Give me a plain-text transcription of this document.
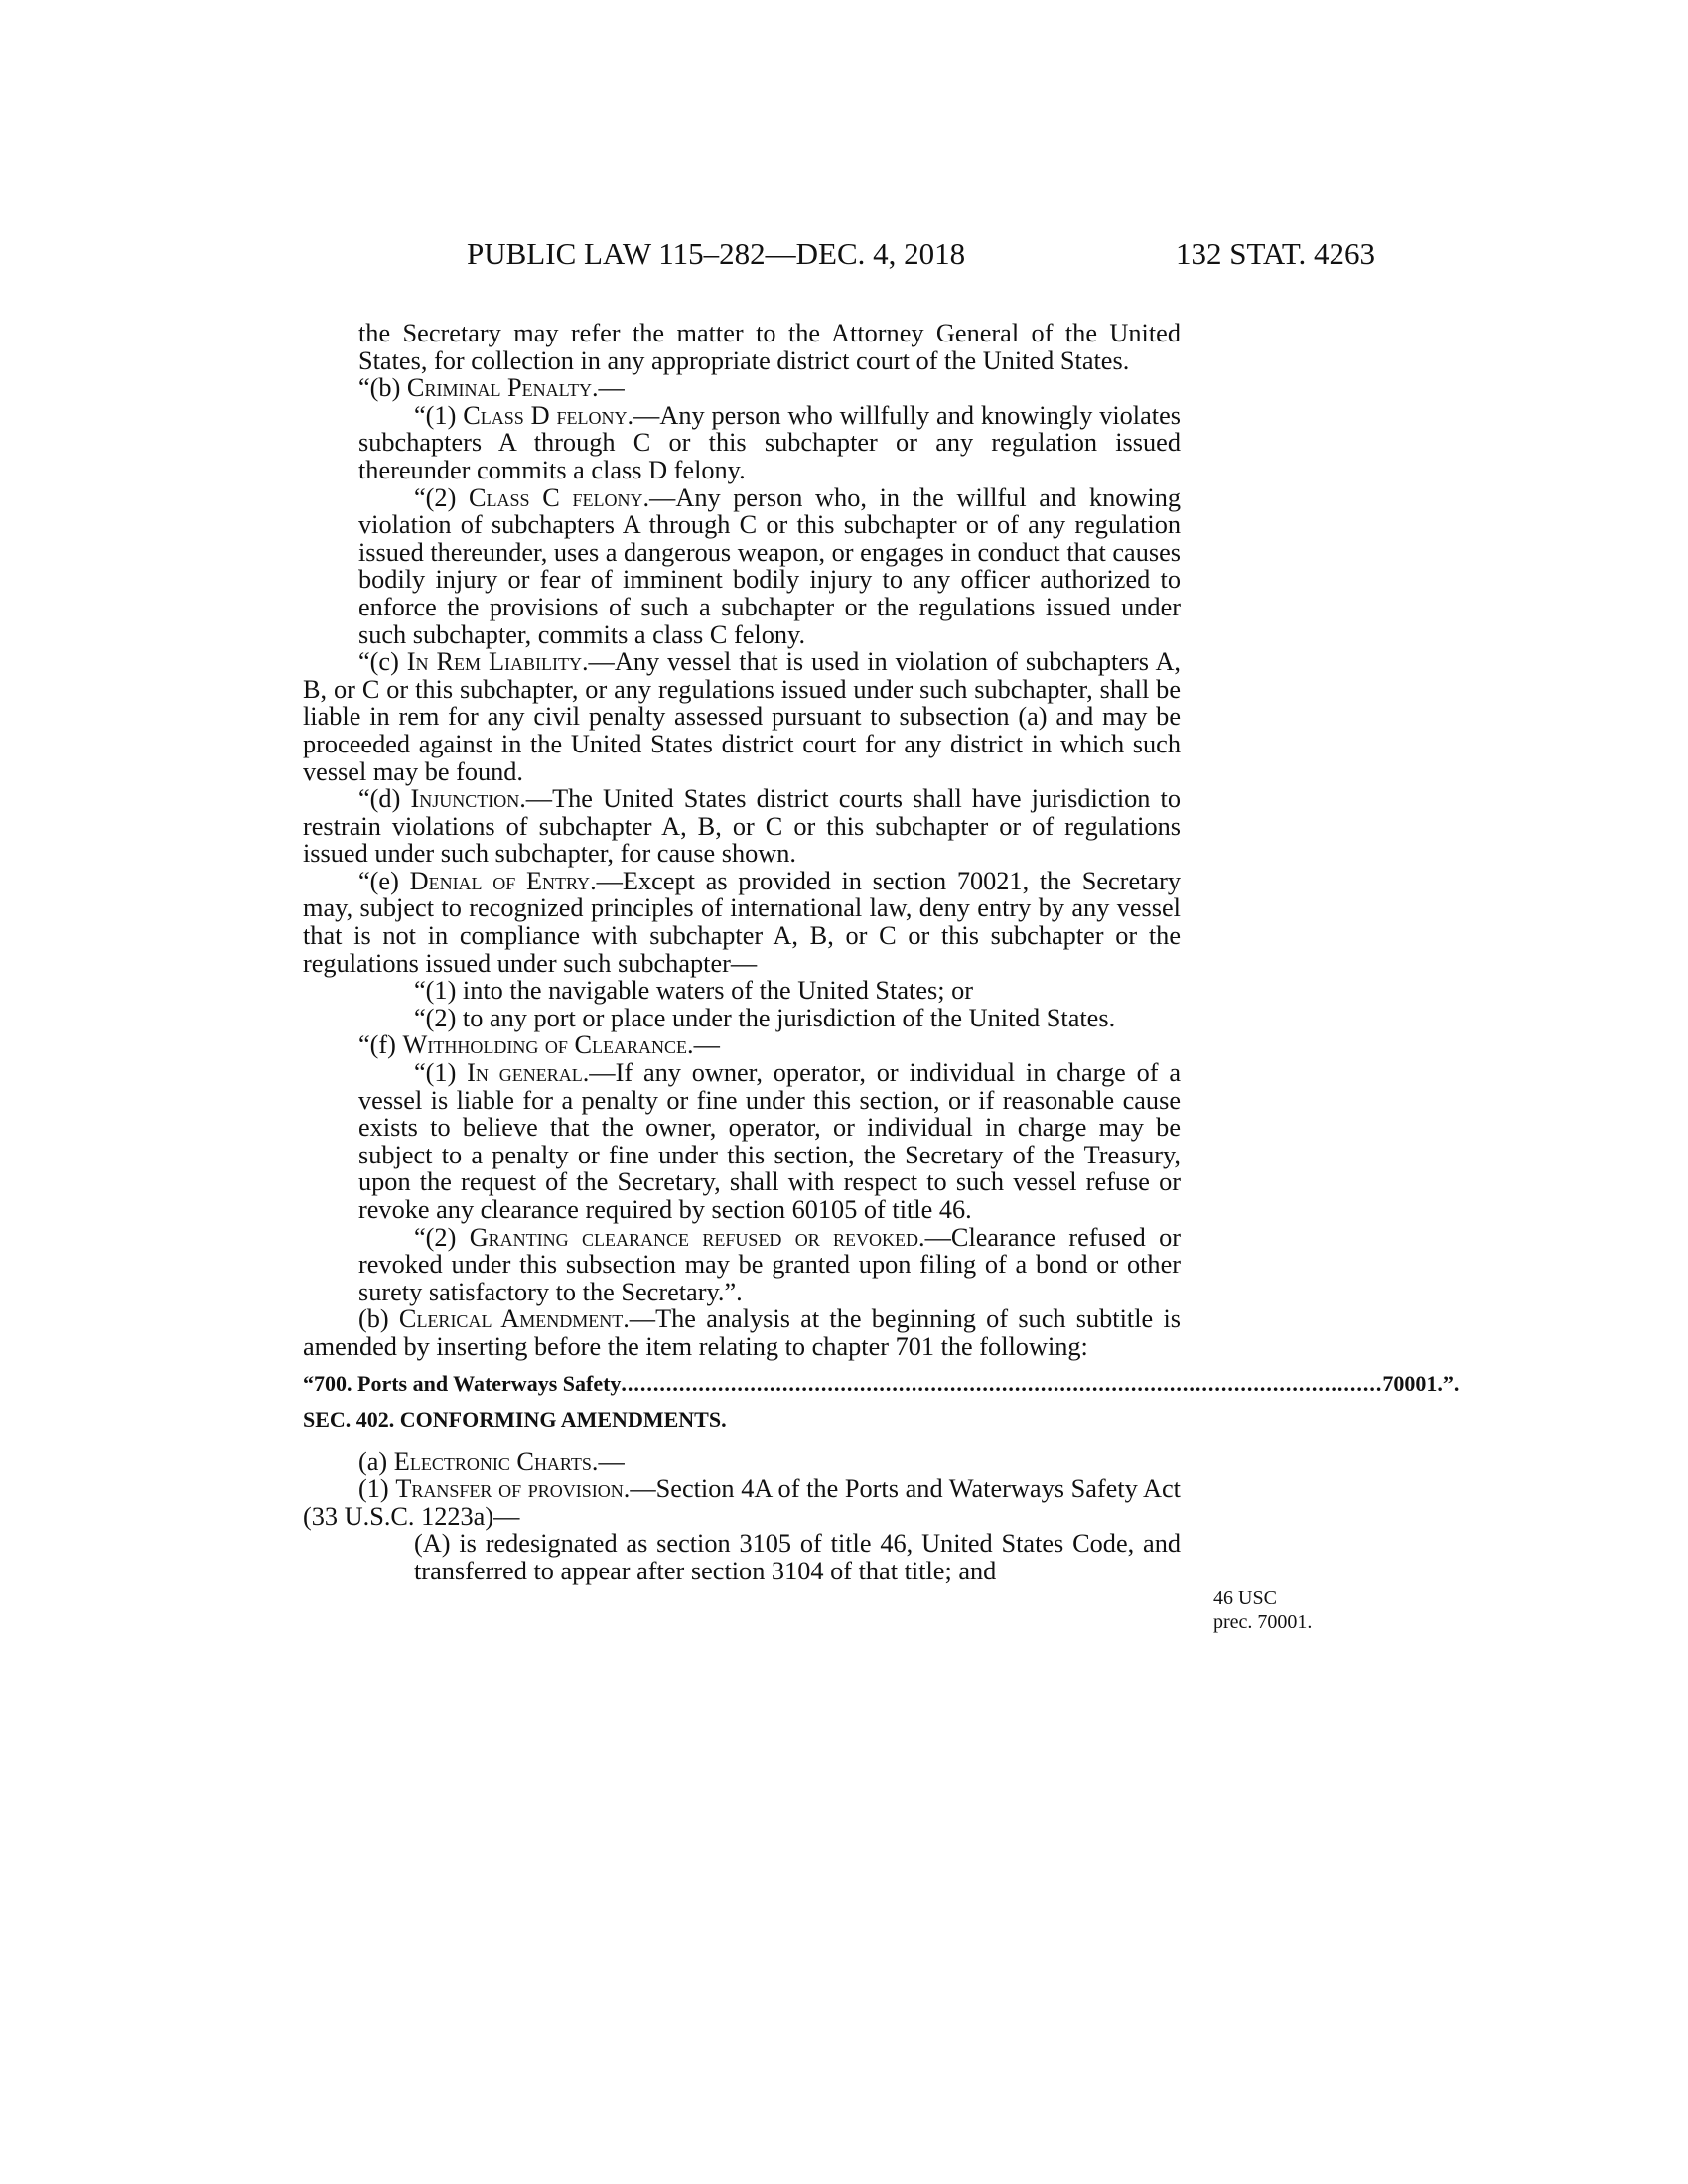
PUBLIC LAW 115–282—DEC. 4, 2018	132 STAT. 4263

the Secretary may refer the matter to the Attorney General of the United States, for collection in any appropriate district court of the United States.

“(b) Criminal Penalty.—

“(1) Class D felony.—Any person who willfully and knowingly violates subchapters A through C or this subchapter or any regulation issued thereunder commits a class D felony.

“(2) Class C felony.—Any person who, in the willful and knowing violation of subchapters A through C or this subchapter or of any regulation issued thereunder, uses a dangerous weapon, or engages in conduct that causes bodily injury or fear of imminent bodily injury to any officer authorized to enforce the provisions of such a subchapter or the regulations issued under such subchapter, commits a class C felony.

“(c) In Rem Liability.—Any vessel that is used in violation of subchapters A, B, or C or this subchapter, or any regulations issued under such subchapter, shall be liable in rem for any civil penalty assessed pursuant to subsection (a) and may be proceeded against in the United States district court for any district in which such vessel may be found.

“(d) Injunction.—The United States district courts shall have jurisdiction to restrain violations of subchapter A, B, or C or this subchapter or of regulations issued under such subchapter, for cause shown.

“(e) Denial of Entry.—Except as provided in section 70021, the Secretary may, subject to recognized principles of international law, deny entry by any vessel that is not in compliance with subchapter A, B, or C or this subchapter or the regulations issued under such subchapter—

“(1) into the navigable waters of the United States; or

“(2) to any port or place under the jurisdiction of the United States.

“(f) Withholding of Clearance.—

“(1) In general.—If any owner, operator, or individual in charge of a vessel is liable for a penalty or fine under this section, or if reasonable cause exists to believe that the owner, operator, or individual in charge may be subject to a penalty or fine under this section, the Secretary of the Treasury, upon the request of the Secretary, shall with respect to such vessel refuse or revoke any clearance required by section 60105 of title 46.

“(2) Granting clearance refused or revoked.—Clearance refused or revoked under this subsection may be granted upon filing of a bond or other surety satisfactory to the Secretary.”.

(b) Clerical Amendment.—The analysis at the beginning of such subtitle is amended by inserting before the item relating to chapter 701 the following:

“700. Ports and Waterways Safety ...................................................................................................................... 70001.”.
SEC. 402. CONFORMING AMENDMENTS.

(a) Electronic Charts.—

(1) Transfer of provision.—Section 4A of the Ports and Waterways Safety Act (33 U.S.C. 1223a)—

(A) is redesignated as section 3105 of title 46, United States Code, and transferred to appear after section 3104 of that title; and

46 USC
prec. 70001.
